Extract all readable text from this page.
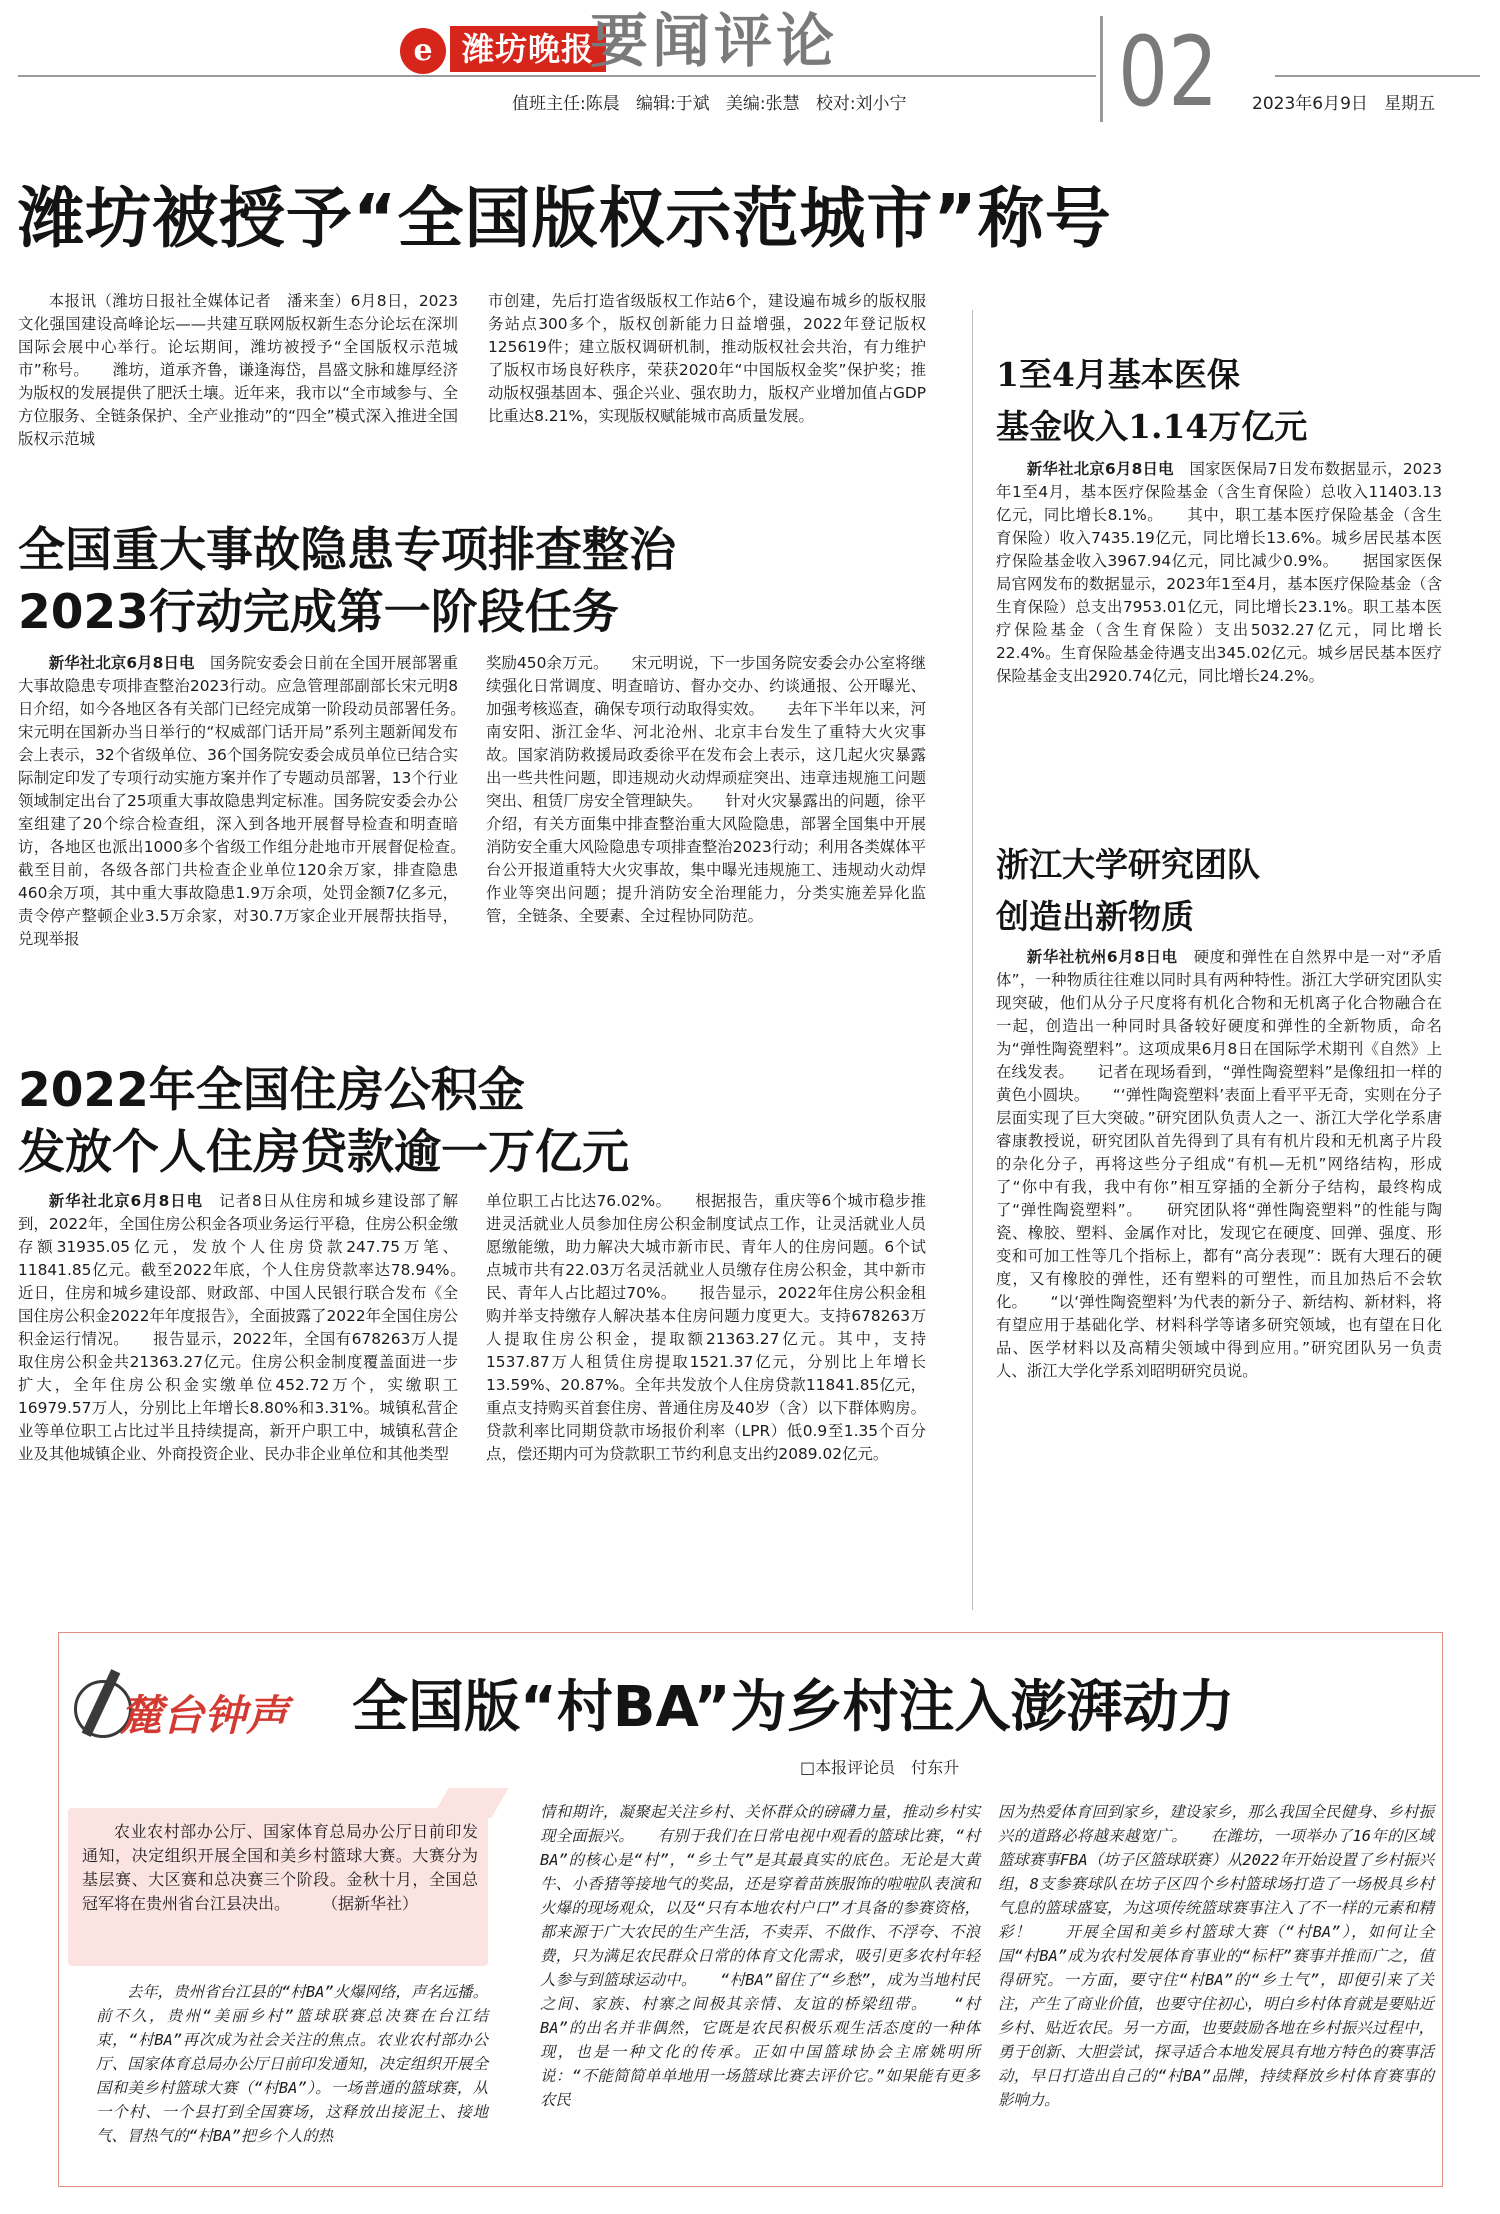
e 潍坊晚报
要闻评论	02
值班主任:陈晨   编辑:于斌   美编:张慧   校对:刘小宁	2023年6月9日   星期五
潍坊被授予“全国版权示范城市”称号

本报讯（潍坊日报社全媒体记者　潘来奎）6月8日，2023文化强国建设高峰论坛——共建互联网版权新生态分论坛在深圳国际会展中心举行。论坛期间，潍坊被授予“全国版权示范城市”称号。　　潍坊，道承齐鲁，谦逢海岱，昌盛文脉和雄厚经济为版权的发展提供了肥沃土壤。近年来，我市以“全市域参与、全方位服务、全链条保护、全产业推动”的“四全”模式深入推进全国版权示范城

市创建，先后打造省级版权工作站6个，建设遍布城乡的版权服务站点300多个，版权创新能力日益增强，2022年登记版权125619件；建立版权调研机制，推动版权社会共治，有力维护了版权市场良好秩序，荣获2020年“中国版权金奖”保护奖；推动版权强基固本、强企兴业、强农助力，版权产业增加值占GDP比重达8.21%，实现版权赋能城市高质量发展。

全国重大事故隐患专项排查整治
2023行动完成第一阶段任务

新华社北京6月8日电　 国务院安委会日前在全国开展部署重大事故隐患专项排查整治2023行动。应急管理部副部长宋元明8日介绍，如今各地区各有关部门已经完成第一阶段动员部署任务。　　宋元明在国新办当日举行的“权威部门话开局”系列主题新闻发布会上表示，32个省级单位、36个国务院安委会成员单位已结合实际制定印发了专项行动实施方案并作了专题动员部署，13个行业领域制定出台了25项重大事故隐患判定标准。国务院安委会办公室组建了20个综合检查组，深入到各地开展督导检查和明查暗访，各地区也派出1000多个省级工作组分赴地市开展督促检查。　　截至目前，各级各部门共检查企业单位120余万家，排查隐患460余万项，其中重大事故隐患1.9万余项，处罚金额7亿多元，责令停产整顿企业3.5万余家，对30.7万家企业开展帮扶指导，兑现举报

奖励450余万元。　　宋元明说，下一步国务院安委会办公室将继续强化日常调度、明查暗访、督办交办、约谈通报、公开曝光、加强考核巡查，确保专项行动取得实效。　　去年下半年以来，河南安阳、浙江金华、河北沧州、北京丰台发生了重特大火灾事故。国家消防救援局政委徐平在发布会上表示，这几起火灾暴露出一些共性问题，即违规动火动焊顽症突出、违章违规施工问题突出、租赁厂房安全管理缺失。　　针对火灾暴露出的问题，徐平介绍，有关方面集中排查整治重大风险隐患，部署全国集中开展消防安全重大风险隐患专项排查整治2023行动；利用各类媒体平台公开报道重特大火灾事故，集中曝光违规施工、违规动火动焊作业等突出问题；提升消防安全治理能力，分类实施差异化监管，全链条、全要素、全过程协同防范。

2022年全国住房公积金
发放个人住房贷款逾一万亿元

新华社北京6月8日电　 记者8日从住房和城乡建设部了解到，2022年，全国住房公积金各项业务运行平稳，住房公积金缴存额31935.05亿元，发放个人住房贷款247.75万笔、11841.85亿元。截至2022年底，个人住房贷款率达78.94%。　　近日，住房和城乡建设部、财政部、中国人民银行联合发布《全国住房公积金2022年年度报告》，全面披露了2022年全国住房公积金运行情况。　　报告显示，2022年，全国有678263万人提取住房公积金共21363.27亿元。住房公积金制度覆盖面进一步扩大，全年住房公积金实缴单位452.72万个，实缴职工16979.57万人，分别比上年增长8.80%和3.31%。城镇私营企业等单位职工占比过半且持续提高，新开户职工中，城镇私营企业及其他城镇企业、外商投资企业、民办非企业单位和其他类型

单位职工占比达76.02%。　　根据报告，重庆等6个城市稳步推进灵活就业人员参加住房公积金制度试点工作，让灵活就业人员愿缴能缴，助力解决大城市新市民、青年人的住房问题。6个试点城市共有22.03万名灵活就业人员缴存住房公积金，其中新市民、青年人占比超过70%。　　报告显示，2022年住房公积金租购并举支持缴存人解决基本住房问题力度更大。支持678263万人提取住房公积金，提取额21363.27亿元。其中，支持1537.87万人租赁住房提取1521.37亿元，分别比上年增长13.59%、20.87%。全年共发放个人住房贷款11841.85亿元，重点支持购买首套住房、普通住房及40岁（含）以下群体购房。贷款利率比同期贷款市场报价利率（LPR）低0.9至1.35个百分点，偿还期内可为贷款职工节约利息支出约2089.02亿元。

1至4月基本医保
基金收入1.14万亿元

新华社北京6月8日电　 国家医保局7日发布数据显示，2023年1至4月，基本医疗保险基金（含生育保险）总收入11403.13亿元，同比增长8.1%。　　其中，职工基本医疗保险基金（含生育保险）收入7435.19亿元，同比增长13.6%。城乡居民基本医疗保险基金收入3967.94亿元，同比减少0.9%。　　据国家医保局官网发布的数据显示，2023年1至4月，基本医疗保险基金（含生育保险）总支出7953.01亿元，同比增长23.1%。职工基本医疗保险基金（含生育保险）支出5032.27亿元，同比增长22.4%。生育保险基金待遇支出345.02亿元。城乡居民基本医疗保险基金支出2920.74亿元，同比增长24.2%。

浙江大学研究团队
创造出新物质

新华社杭州6月8日电　 硬度和弹性在自然界中是一对“矛盾体”，一种物质往往难以同时具有两种特性。浙江大学研究团队实现突破，他们从分子尺度将有机化合物和无机离子化合物融合在一起，创造出一种同时具备较好硬度和弹性的全新物质，命名为“弹性陶瓷塑料”。这项成果6月8日在国际学术期刊《自然》上在线发表。　　记者在现场看到，“弹性陶瓷塑料”是像纽扣一样的黄色小圆块。　　“‘弹性陶瓷塑料’表面上看平平无奇，实则在分子层面实现了巨大突破。”研究团队负责人之一、浙江大学化学系唐睿康教授说，研究团队首先得到了具有有机片段和无机离子片段的杂化分子，再将这些分子组成“有机—无机”网络结构，形成了“你中有我，我中有你”相互穿插的全新分子结构，最终构成了“弹性陶瓷塑料”。　　研究团队将“弹性陶瓷塑料”的性能与陶瓷、橡胶、塑料、金属作对比，发现它在硬度、回弹、强度、形变和可加工性等几个指标上，都有“高分表现”：既有大理石的硬度，又有橡胶的弹性，还有塑料的可塑性，而且加热后不会软化。　　“以‘弹性陶瓷塑料’为代表的新分子、新结构、新材料，将有望应用于基础化学、材料科学等诸多研究领域，也有望在日化品、医学材料以及高精尖领域中得到应用。”研究团队另一负责人、浙江大学化学系刘昭明研究员说。

麓台钟声 全国版“村BA”为乡村注入澎湃动力
□本报评论员　付东升

农业农村部办公厅、国家体育总局办公厅日前印发通知，决定组织开展全国和美乡村篮球大赛。大赛分为基层赛、大区赛和总决赛三个阶段。金秋十月，全国总冠军将在贵州省台江县决出。　　　（据新华社）

去年，贵州省台江县的“村BA”火爆网络，声名远播。前不久，贵州“美丽乡村”篮球联赛总决赛在台江结束，“村BA”再次成为社会关注的焦点。农业农村部办公厅、国家体育总局办公厅日前印发通知，决定组织开展全国和美乡村篮球大赛（“村BA”）。一场普通的篮球赛，从一个村、一个县打到全国赛场，这释放出接泥土、接地气、冒热气的“村BA”把乡个人的热

情和期许，凝聚起关注乡村、关怀群众的磅礴力量，推动乡村实现全面振兴。　　有别于我们在日常电视中观看的篮球比赛，“村BA”的核心是“村”，“乡土气”是其最真实的底色。无论是大黄牛、小香猪等接地气的奖品，还是穿着苗族服饰的啦啦队表演和火爆的现场观众，以及“只有本地农村户口”才具备的参赛资格，都来源于广大农民的生产生活，不卖弄、不做作、不浮夸、不浪费，只为满足农民群众日常的体育文化需求，吸引更多农村年轻人参与到篮球运动中。　　“村BA”留住了“乡愁”，成为当地村民之间、家族、村寨之间极其亲情、友谊的桥梁纽带。　　“村BA”的出名并非偶然，它既是农民积极乐观生活态度的一种体现，也是一种文化的传承。正如中国篮球协会主席姚明所说：“不能简简单单地用一场篮球比赛去评价它。”如果能有更多农民

因为热爱体育回到家乡，建设家乡，那么我国全民健身、乡村振兴的道路必将越来越宽广。　　在潍坊，一项举办了16年的区域篮球赛事FBA（坊子区篮球联赛）从2022年开始设置了乡村振兴组，8支参赛球队在坊子区四个乡村篮球场打造了一场极具乡村气息的篮球盛宴，为这项传统篮球赛事注入了不一样的元素和精彩！　　开展全国和美乡村篮球大赛（“村BA”），如何让全国“村BA”成为农村发展体育事业的“标杆”赛事并推而广之，值得研究。一方面，要守住“村BA”的“乡土气”，即便引来了关注，产生了商业价值，也要守住初心，明白乡村体育就是要贴近乡村、贴近农民。另一方面，也要鼓励各地在乡村振兴过程中，勇于创新、大胆尝试，探寻适合本地发展具有地方特色的赛事活动，早日打造出自己的“村BA”品牌，持续释放乡村体育赛事的影响力。
